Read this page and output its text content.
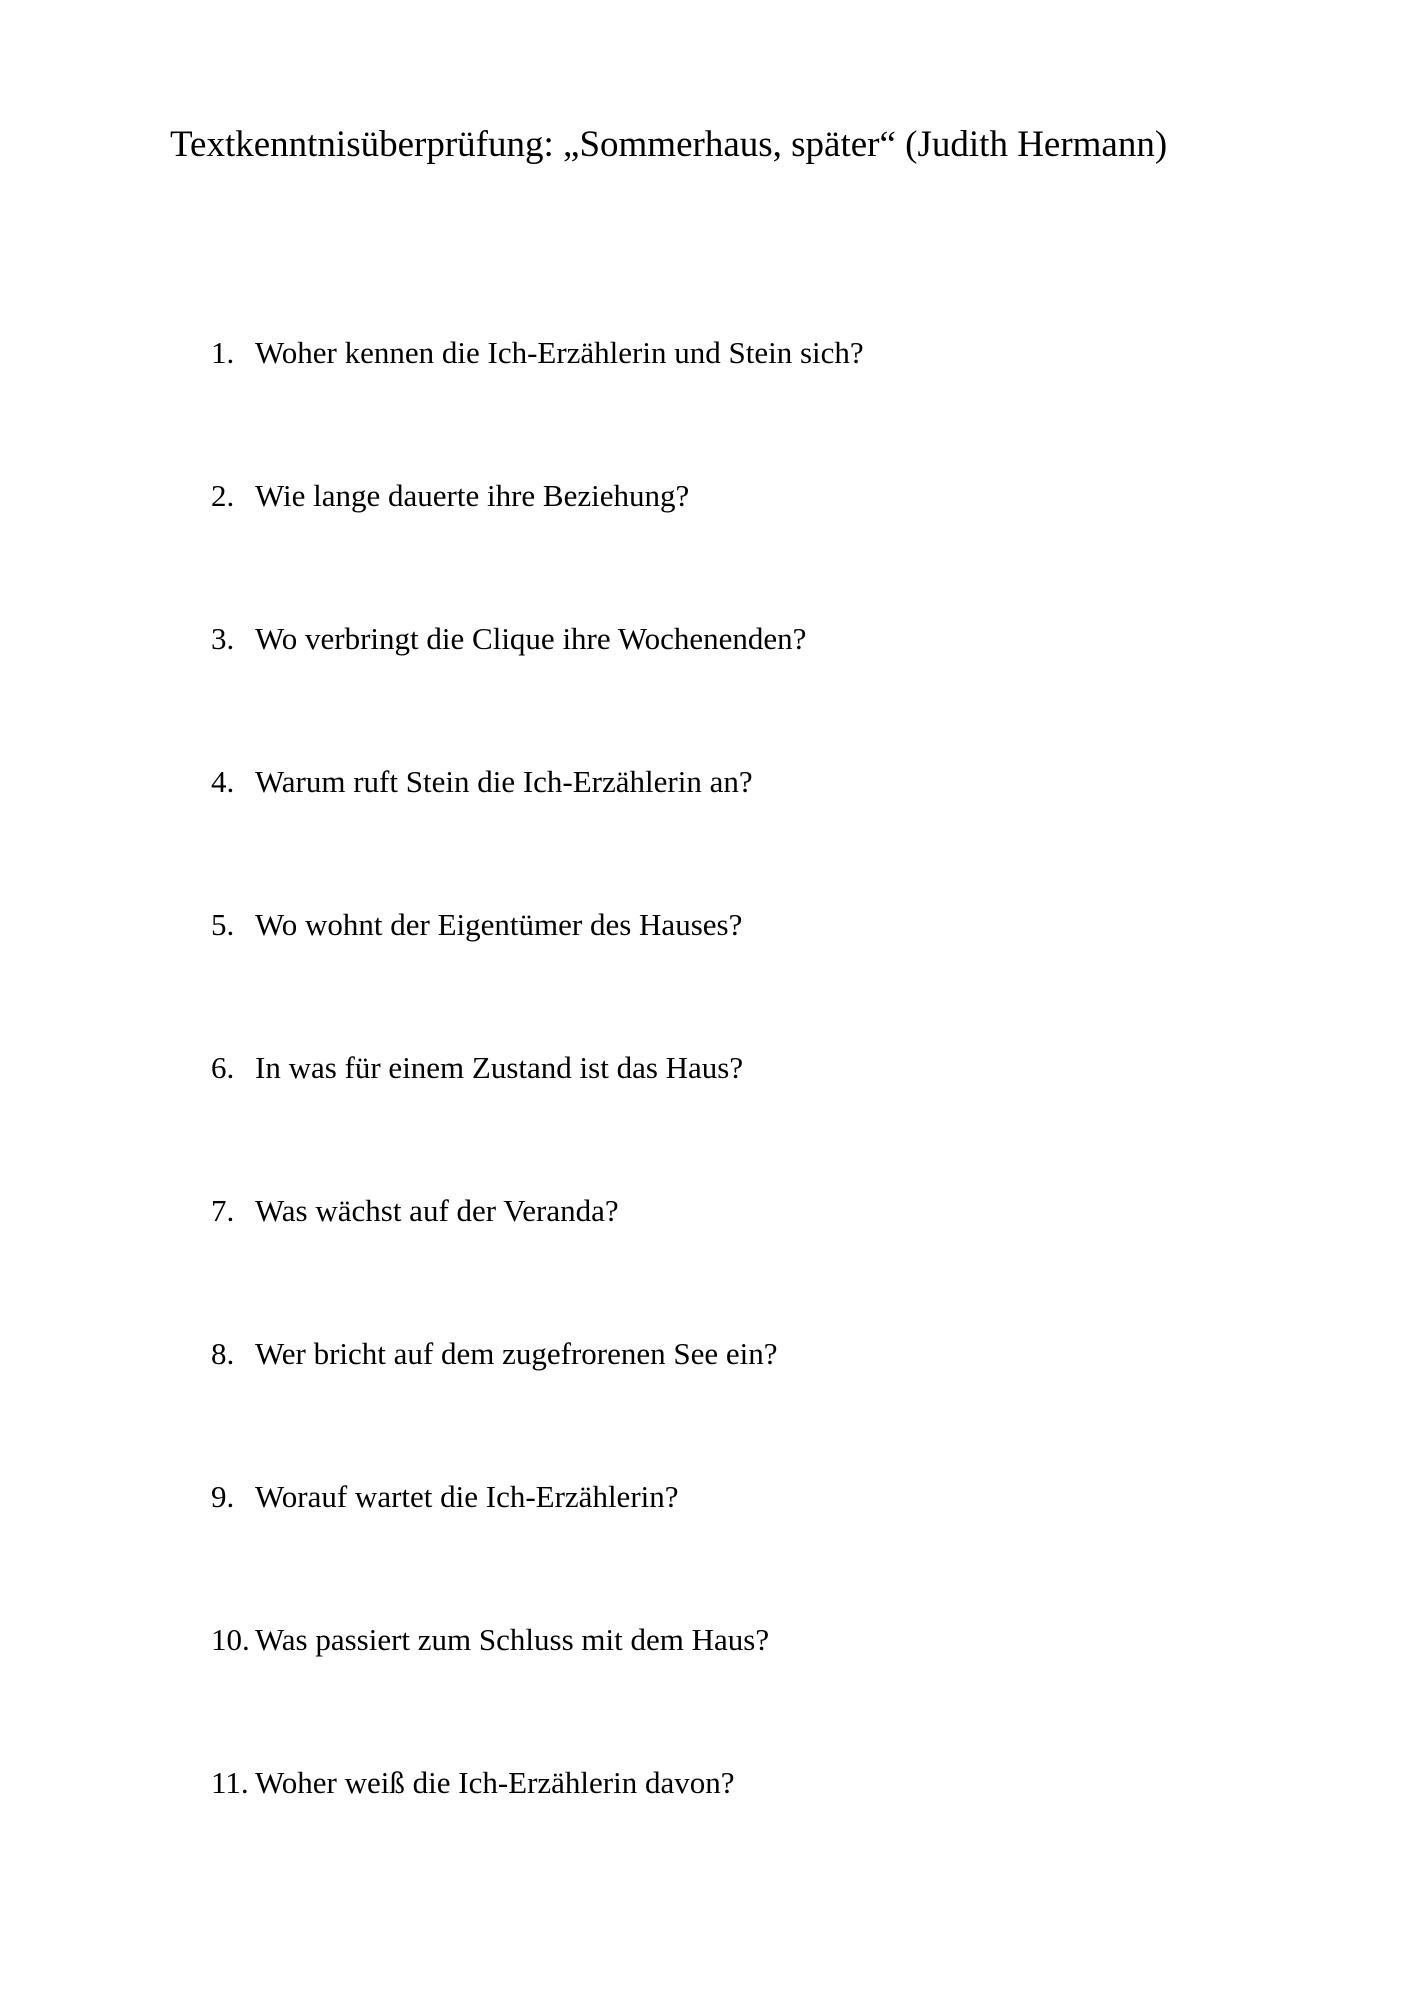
Textkenntnisüberprüfung: „Sommerhaus, später“ (Judith Hermann)
1. Woher kennen die Ich-Erzählerin und Stein sich?
2. Wie lange dauerte ihre Beziehung?
3. Wo verbringt die Clique ihre Wochenenden?
4. Warum ruft Stein die Ich-Erzählerin an?
5. Wo wohnt der Eigentümer des Hauses?
6. In was für einem Zustand ist das Haus?
7. Was wächst auf der Veranda?
8. Wer bricht auf dem zugefrorenen See ein?
9. Worauf wartet die Ich-Erzählerin?
10. Was passiert zum Schluss mit dem Haus?
11. Woher weiß die Ich-Erzählerin davon?
